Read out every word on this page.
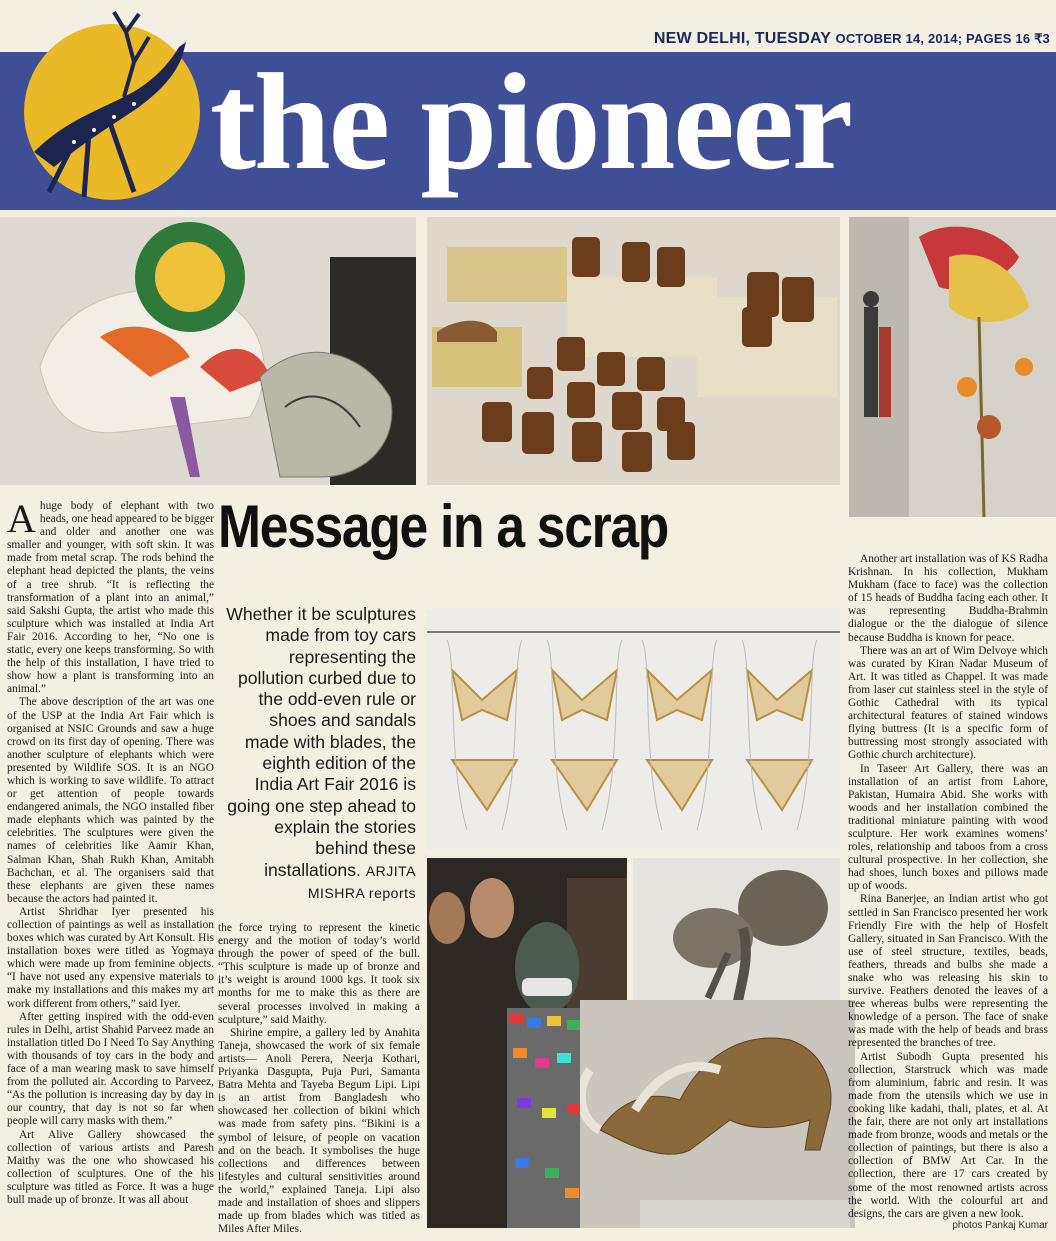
the pioneer
NEW DELHI, TUESDAY OCTOBER 14, 2014; PAGES 16 ₹3
Message in a scrap
Whether it be sculptures made from toy cars representing the pollution curbed due to the odd-even rule or shoes and sandals made with blades, the eighth edition of the India Art Fair 2016 is going one step ahead to explain the stories behind these installations. ARJITA MISHRA reports

Ahuge body of elephant with two heads, one head appeared to be bigger and older and another one was smaller and younger, with soft skin. It was made from metal scrap. The rods behind the elephant head depicted the plants, the veins of a tree shrub. “It is reflecting the transformation of a plant into an animal,” said Sakshi Gupta, the artist who made this sculpture which was installed at India Art Fair 2016. According to her, “No one is static, every one keeps transforming. So with the help of this installation, I have tried to show how a plant is transforming into an animal.”

The above description of the art was one of the USP at the India Art Fair which is organised at NSIC Grounds and saw a huge crowd on its first day of opening. There was another sculpture of elephants which were presented by Wildlife SOS. It is an NGO which is working to save wildlife. To attract or get attention of people towards endangered animals, the NGO installed fiber made elephants which was painted by the celebrities. The sculptures were given the names of celebrities like Aamir Khan, Salman Khan, Shah Rukh Khan, Amitabh Bachchan, et al. The organisers said that these elephants are given these names because the actors had painted it.

Artist Shridhar Iyer presented his collection of paintings as well as installation boxes which was curated by Art Konsult. His installation boxes were titled as Yogmaya which were made up from feminine objects. “I have not used any expensive materials to make my installations and this makes my art work different from others,” said Iyer.

After getting inspired with the odd-even rules in Delhi, artist Shahid Parveez made an installation titled Do I Need To Say Anything with thousands of toy cars in the body and face of a man wearing mask to save himself from the polluted air. According to Parveez, “As the pollution is increasing day by day in our country, that day is not so far when people will carry masks with them.”

Art Alive Gallery showcased the collection of various artists and Paresh Maithy was the one who showcased his collection of sculptures. One of the his sculpture was titled as Force. It was a huge bull made up of bronze. It was all about

the force trying to represent the kinetic energy and the motion of today’s world through the power of speed of the bull. “This sculpture is made up of bronze and it’s weight is around 1000 kgs. It took six months for me to make this as there are several processes involved in making a sculpture,” said Maithy.

Shirine empire, a gallery led by Anahita Taneja, showcased the work of six female artists— Anoli Perera, Neerja Kothari, Priyanka Dasgupta, Puja Puri, Samanta Batra Mehta and Tayeba Begum Lipi. Lipi is an artist from Bangladesh who showcased her collection of bikini which was made from safety pins. “Bikini is a symbol of leisure, of people on vacation and on the beach. It symbolises the huge collections and differences between lifestyles and cultural sensitivities around the world,” explained Taneja. Lipi also made and installation of shoes and slippers made up from blades which was titled as Miles After Miles.

Another art installation was of KS Radha Krishnan. In his collection, Mukham Mukham (face to face) was the collection of 15 heads of Buddha facing each other. It was representing Buddha-Brahmin dialogue or the the dialogue of silence because Buddha is known for peace.

There was an art of Wim Delvoye which was curated by Kiran Nadar Museum of Art. It was titled as Chappel. It was made from laser cut stainless steel in the style of Gothic Cathedral with its typical architectural features of stained windows flying buttress (It is a specific form of buttressing most strongly associated with Gothic church architecture).

In Taseer Art Gallery, there was an installation of an artist from Lahore, Pakistan, Humaira Abid. She works with woods and her installation combined the traditional miniature painting with wood sculpture. Her work examines womens’ roles, relationship and taboos from a cross cultural prospective. In her collection, she had shoes, lunch boxes and pillows made up of woods.

Rina Banerjee, an Indian artist who got settled in San Francisco presented her work Friendly Fire with the help of Hosfelt Gallery, situated in San Francisco. With the use of steel structure, textiles, beads, feathers, threads and bulbs she made a snake who was releasing his skin to survive. Feathers denoted the leaves of a tree whereas bulbs were representing the knowledge of a person. The face of snake was made with the help of beads and brass represented the branches of tree.

Artist Subodh Gupta presented his collection, Starstruck which was made from aluminium, fabric and resin. It was made from the utensils which we use in cooking like kadahi, thali, plates, et al. At the fair, there are not only art installations made from bronze, woods and metals or the collection of paintings, but there is also a collection of BMW Art Car. In the collection, there are 17 cars created by some of the most renowned artists across the world. With the colourful art and designs, the cars are given a new look.

photos Pankaj Kumar
